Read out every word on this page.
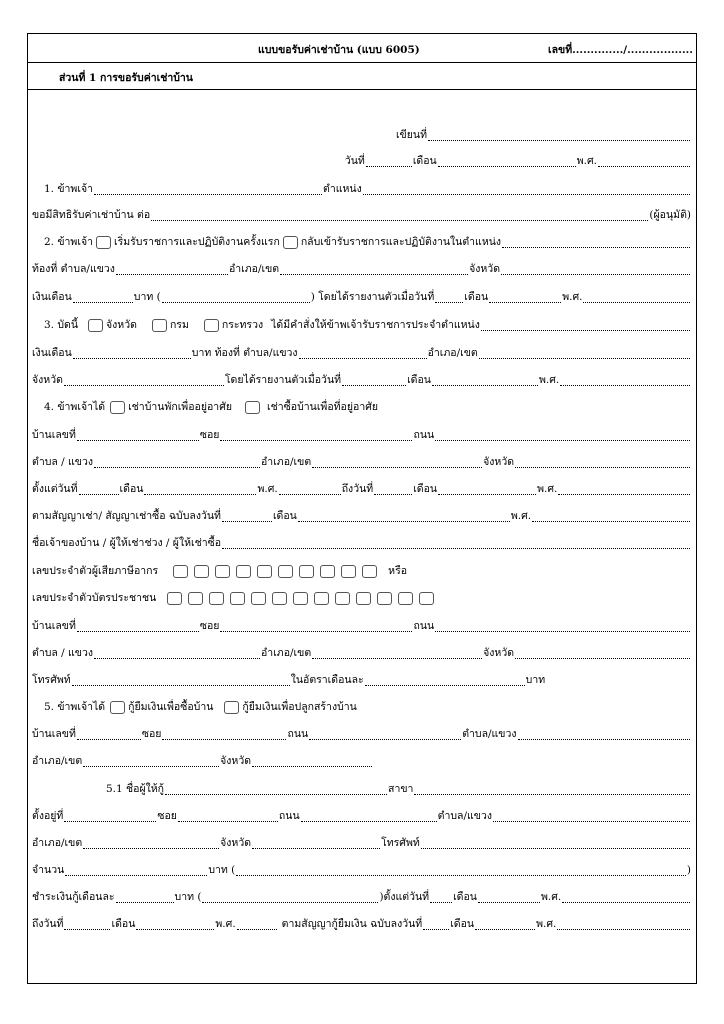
แบบขอรับค่าเช่าบ้าน (แบบ 6005)	เลขที่............../..................
ส่วนที่ 1 การขอรับค่าเช่าบ้าน
เขียนที่
วันที่	เดือน	พ.ศ.
1. ข้าพเจ้า	ตำแหน่ง
ขอมีสิทธิรับค่าเช่าบ้าน ต่อ	(ผู้อนุมัติ)
2. ข้าพเจ้า เริ่มรับราชการและปฏิบัติงานครั้งแรก กลับเข้ารับราชการและปฏิบัติงานในตำแหน่ง
ท้องที่ ตำบล/แขวง	อำเภอ/เขต	จังหวัด
เงินเดือน	บาท (	) โดยได้รายงานตัวเมื่อวันที่	เดือน	พ.ศ.
3. บัดนี้	จังหวัด	กรม	กระทรวง ได้มีคำสั่งให้ข้าพเจ้ารับราชการประจำตำแหน่ง
เงินเดือน	บาท ท้องที่ ตำบล/แขวง	อำเภอ/เขต
จังหวัด	โดยได้รายงานตัวเมื่อวันที่	เดือน	พ.ศ.
4. ข้าพเจ้าได้ เช่าบ้านพักเพื่ออยู่อาศัย	เช่าซื้อบ้านเพื่อที่อยู่อาศัย
บ้านเลขที่	ซอย	ถนน
ตำบล / แขวง	อำเภอ/เขต	จังหวัด
ตั้งแต่วันที่	เดือน	พ.ศ.	ถึงวันที่	เดือน	พ.ศ.
ตามสัญญาเช่า/ สัญญาเช่าซื้อ ฉบับลงวันที่	เดือน	พ.ศ.
ชื่อเจ้าของบ้าน / ผู้ให้เช่าช่วง / ผู้ให้เช่าซื้อ
เลขประจำตัวผู้เสียภาษีอากร	หรือ
เลขประจำตัวบัตรประชาชน
บ้านเลขที่	ซอย	ถนน
ตำบล / แขวง	อำเภอ/เขต	จังหวัด
โทรศัพท์	ในอัตราเดือนละ	บาท
5. ข้าพเจ้าได้ กู้ยืมเงินเพื่อซื้อบ้าน	กู้ยืมเงินเพื่อปลูกสร้างบ้าน
บ้านเลขที่	ซอย	ถนน	ตำบล/แขวง
อำเภอ/เขต	จังหวัด
5.1 ชื่อผู้ให้กู้	สาขา
ตั้งอยู่ที่	ซอย	ถนน	ตำบล/แขวง
อำเภอ/เขต	จังหวัด	โทรศัพท์
จำนวน	บาท (	)
ชำระเงินกู้เดือนละ	บาท (	)ตั้งแต่วันที่ เดือน	พ.ศ.
ถึงวันที่	เดือน	พ.ศ.	ตามสัญญากู้ยืมเงิน ฉบับลงวันที่	เดือน	พ.ศ.
